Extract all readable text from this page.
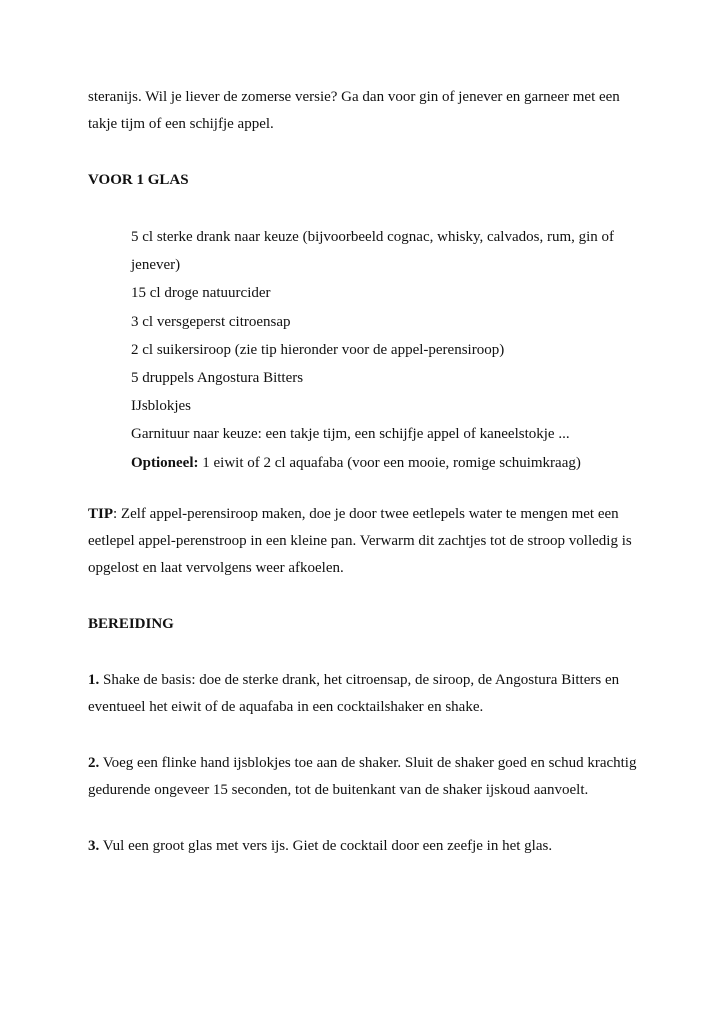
steranijs. Wil je liever de zomerse versie? Ga dan voor gin of jenever en garneer met een takje tijm of een schijfje appel.

VOOR 1 GLAS
5 cl sterke drank naar keuze (bijvoorbeeld cognac, whisky, calvados, rum, gin of jenever)
15 cl droge natuurcider
3 cl versgeperst citroensap
2 cl suikersiroop (zie tip hieronder voor de appel-perensiroop)
5 druppels Angostura Bitters
IJsblokjes
Garnituur naar keuze: een takje tijm, een schijfje appel of kaneelstokje ...
Optioneel: 1 eiwit of 2 cl aquafaba (voor een mooie, romige schuimkraag)

TIP: Zelf appel-perensiroop maken, doe je door twee eetlepels water te mengen met een eetlepel appel-perenstroop in een kleine pan. Verwarm dit zachtjes tot de stroop volledig is opgelost en laat vervolgens weer afkoelen.

BEREIDING

1. Shake de basis: doe de sterke drank, het citroensap, de siroop, de Angostura Bitters en eventueel het eiwit of de aquafaba in een cocktailshaker en shake.

2. Voeg een flinke hand ijsblokjes toe aan de shaker. Sluit de shaker goed en schud krachtig gedurende ongeveer 15 seconden, tot de buitenkant van de shaker ijskoud aanvoelt.

3. Vul een groot glas met vers ijs. Giet de cocktail door een zeefje in het glas.
